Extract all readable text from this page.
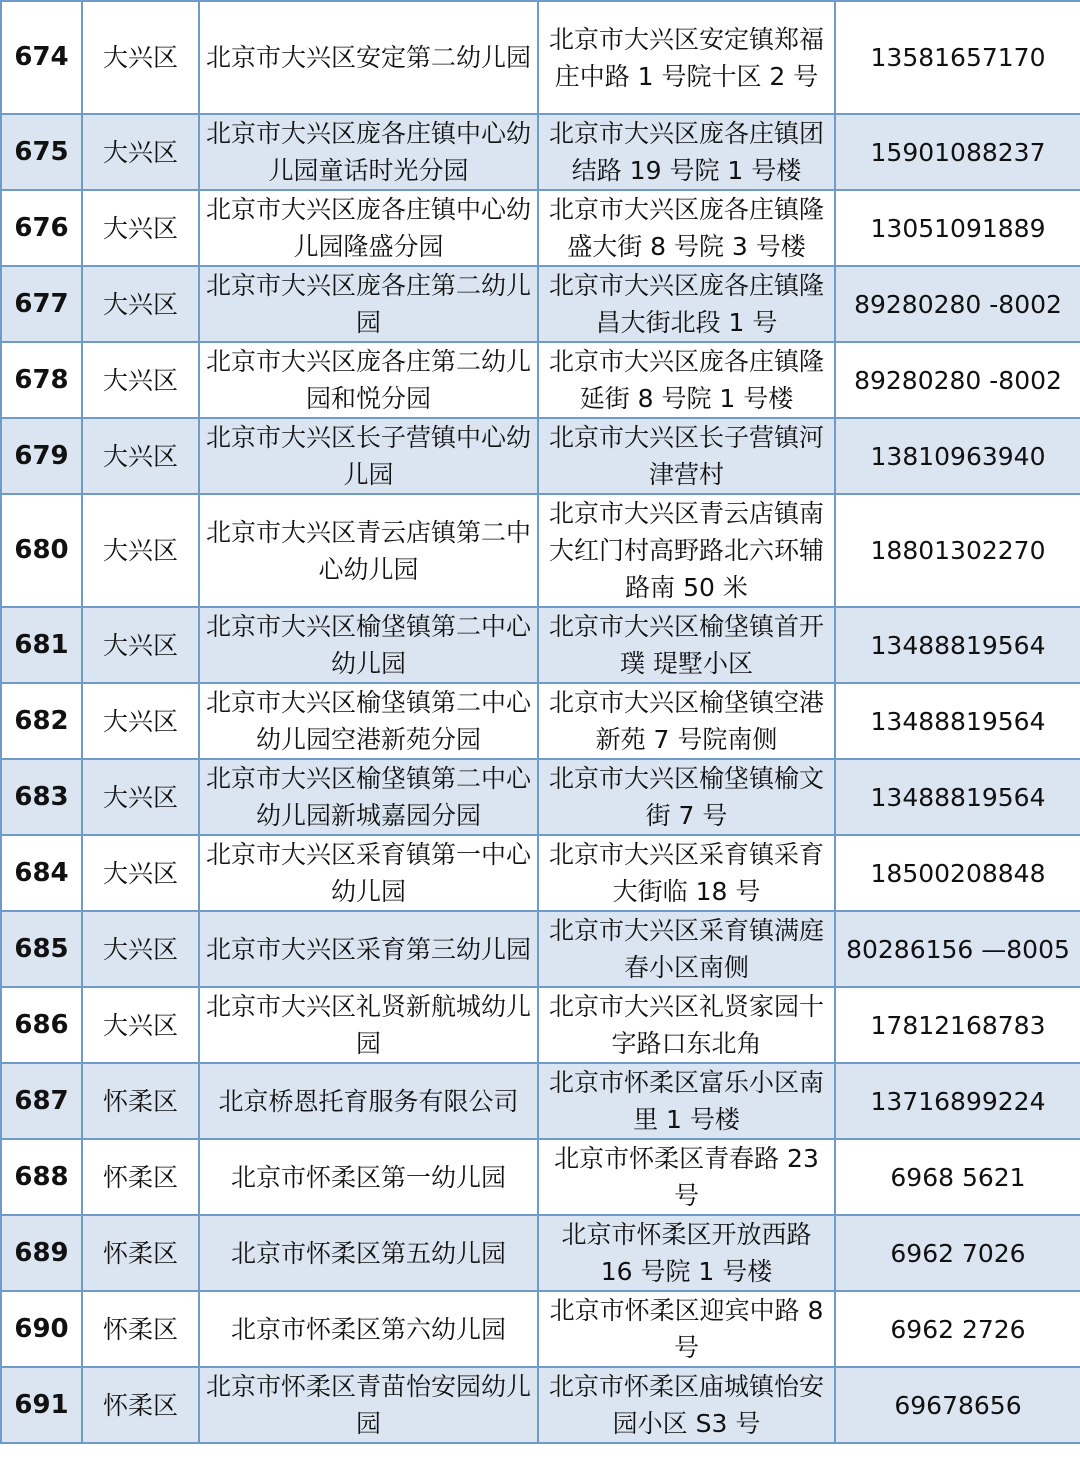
674	大兴区	北京市大兴区安定第二幼儿园	北京市大兴区安定镇郑福庄中路 1 号院十区 2 号	13581657170
675	大兴区	北京市大兴区庞各庄镇中心幼 儿园童话时光分园	北京市大兴区庞各庄镇团结路 19 号院 1 号楼	15901088237
676	大兴区	北京市大兴区庞各庄镇中心幼 儿园隆盛分园	北京市大兴区庞各庄镇隆盛大街 8 号院 3 号楼	13051091889
677	大兴区	北京市大兴区庞各庄第二幼儿 园	北京市大兴区庞各庄镇隆昌大街北段 1 号	89280280 -8002
678	大兴区	北京市大兴区庞各庄第二幼儿 园和悦分园	北京市大兴区庞各庄镇隆延街 8 号院 1 号楼	89280280 -8002
679	大兴区	北京市大兴区长子营镇中心幼 儿园	北京市大兴区长子营镇河津营村	13810963940
680	大兴区	北京市大兴区青云店镇第二中 心幼儿园	北京市大兴区青云店镇南大红门村高野路北六环辅 路南 50 米	18801302270
681	大兴区	北京市大兴区榆垡镇第二中心 幼儿园	北京市大兴区榆垡镇首开璞 瑅墅小区	13488819564
682	大兴区	北京市大兴区榆垡镇第二中心 幼儿园空港新苑分园	北京市大兴区榆垡镇空港新苑 7 号院南侧	13488819564
683	大兴区	北京市大兴区榆垡镇第二中心 幼儿园新城嘉园分园	北京市大兴区榆垡镇榆文街 7 号	13488819564
684	大兴区	北京市大兴区采育镇第一中心 幼儿园	北京市大兴区采育镇采育大街临 18 号	18500208848
685	大兴区	北京市大兴区采育第三幼儿园	北京市大兴区采育镇满庭春小区南侧	80286156 —8005
686	大兴区	北京市大兴区礼贤新航城幼儿 园	北京市大兴区礼贤家园十字路口东北角	17812168783
687	怀柔区	北京桥恩托育服务有限公司	北京市怀柔区富乐小区南里 1 号楼	13716899224
688	怀柔区	北京市怀柔区第一幼儿园	北京市怀柔区青春路 23 号	6968 5621
689	怀柔区	北京市怀柔区第五幼儿园	北京市怀柔区开放西路 16 号院 1 号楼	6962 7026
690	怀柔区	北京市怀柔区第六幼儿园	北京市怀柔区迎宾中路 8 号	6962 2726
691	怀柔区	北京市怀柔区青苗怡安园幼儿 园	北京市怀柔区庙城镇怡安园小区 S3 号	69678656
